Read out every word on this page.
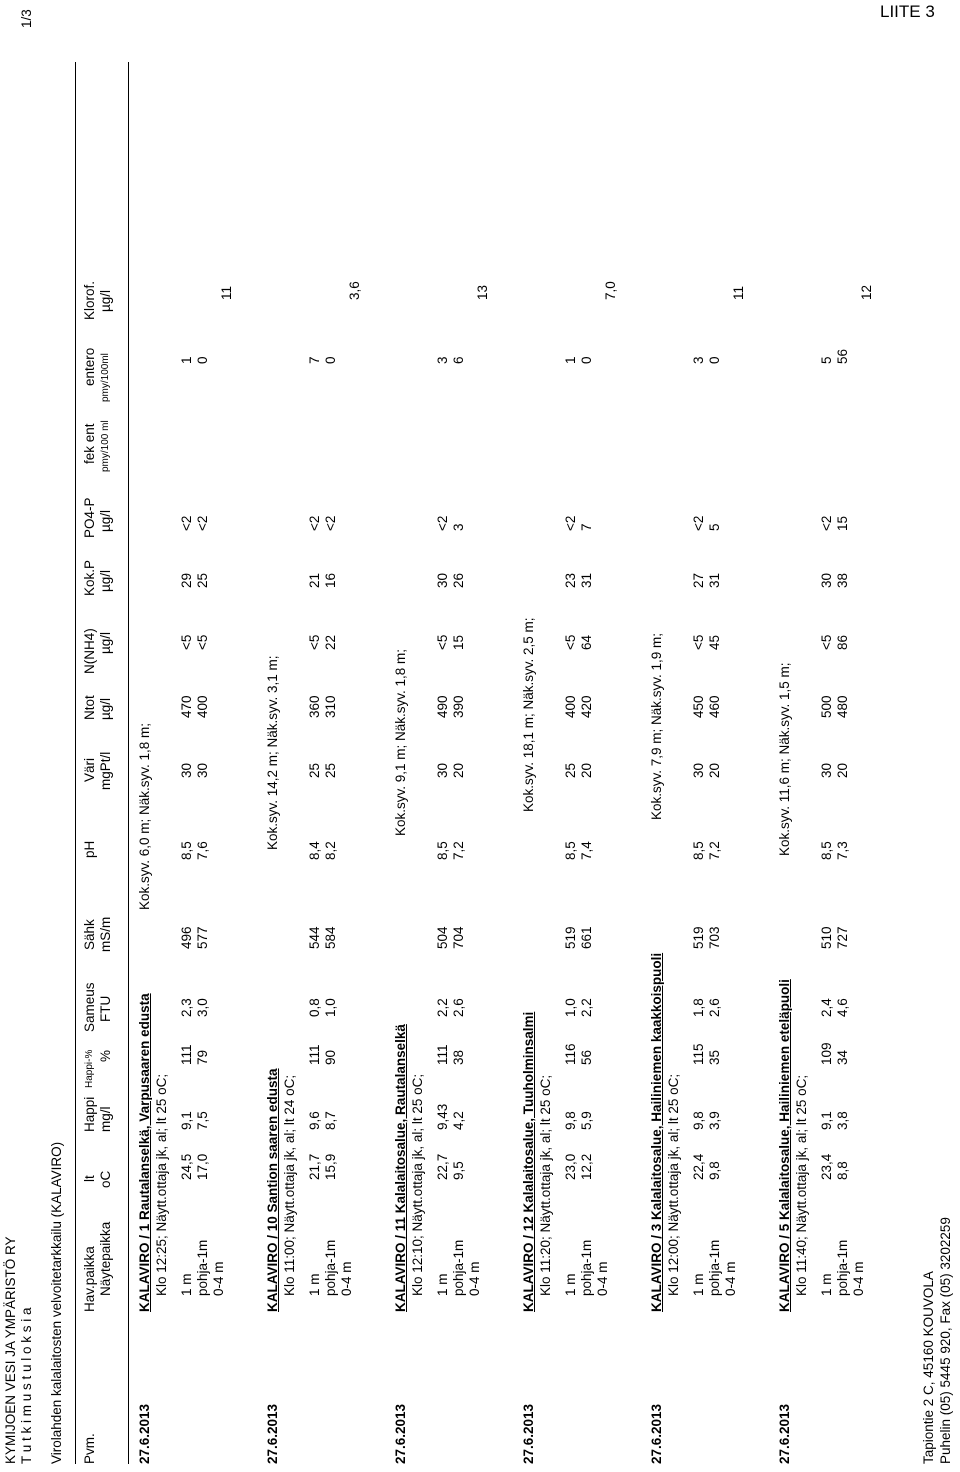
LIITE 3
KYMIJOEN VESI JA YMPÄRISTÖ RY T u t k i m u s t u l o k s i a
1/3
Virolahden kalalaitosten velvoitetarkkailu (KALAVIRO) Pvm.
Hav.paikka Näytepaikka
lt oC
Happi mg/l
Happi-% %
Sameus FTU
Sähk mS/m
pH
Väri mgPt/l
Ntot µg/l
N(NH4) µg/l
Kok.P µg/l
PO4-P µg/l
fek ent pmy/100 ml
entero pmy/100ml
Klorof. µg/l
27.6.2013
KALAVIRO / 1 Rautalanselkä, Varpusaaren edusta
Kok.syv. 6,0 m; Näk.syv. 1,8 m;
Klo 12:25; Näytt.ottaja jk, al; lt 25 oC; 1 m
24,5
9,1
111
2,3
496
8,5
30
470
<5
29
<2
1
pohja-1m
17,0
7,5
79
3,0
577
7,6
30
400
<5
25
<2
0
0-4 m
11
27.6.2013
KALAVIRO / 10 Santion saaren edusta
Kok.syv. 14,2 m; Näk.syv. 3,1 m;
Klo 11:00; Näytt.ottaja jk, al; lt 24 oC; 1 m
21,7
9,6
111
0,8
544
8,4
25
360
<5
21
<2
7
pohja-1m
15,9
8,7
90
1,0
584
8,2
25
310
22
16
<2
0
0-4 m
3,6
27.6.2013
KALAVIRO / 11 Kalalaitosalue, Rautalanselkä
Kok.syv. 9,1 m; Näk.syv. 1,8 m;
Klo 12:10; Näytt.ottaja jk, al; lt 25 oC; 1 m
22,7
9,43
111
2,2
504
8,5
30
490
<5
30
<2
3
pohja-1m
9,5
4,2
38
2,6
704
7,2
20
390
15
26
3
6
0-4 m
13
27.6.2013
KALAVIRO / 12 Kalalaitosalue, Tuuholminsalmi
Kok.syv. 18,1 m; Näk.syv. 2,5 m;
Klo 11:20; Näytt.ottaja jk, al; lt 25 oC; 1 m
23,0
9,8
116
1,0
519
8,5
25
400
<5
23
<2
1
pohja-1m
12,2
5,9
56
2,2
661
7,4
20
420
64
31
7
0
0-4 m
7,0
27.6.2013
KALAVIRO / 3 Kalalaitosalue, Hailiniemen kaakkoispuoli
Kok.syv. 7,9 m; Näk.syv. 1,9 m;
Klo 12:00; Näytt.ottaja jk, al; lt 25 oC; 1 m
22,4
9,8
115
1,8
519
8,5
30
450
<5
27
<2
3
pohja-1m
9,8
3,9
35
2,6
703
7,2
20
460
45
31
5
0
0-4 m
11
27.6.2013
KALAVIRO / 5 Kalalaitosalue, Hailiniemen eteläpuoli
Kok.syv. 11,6 m; Näk.syv. 1,5 m;
Klo 11:40; Näytt.ottaja jk, al; lt 25 oC; 1 m
23,4
9,1
109
2,4
510
8,5
30
500
<5
30
<2
5
pohja-1m
8,8
3,8
34
4,6
727
7,3
20
480
86
38
15
56
0-4 m
12
Tapiontie 2 C, 45160 KOUVOLA Puhelin (05) 5445 920, Fax (05) 3202259
